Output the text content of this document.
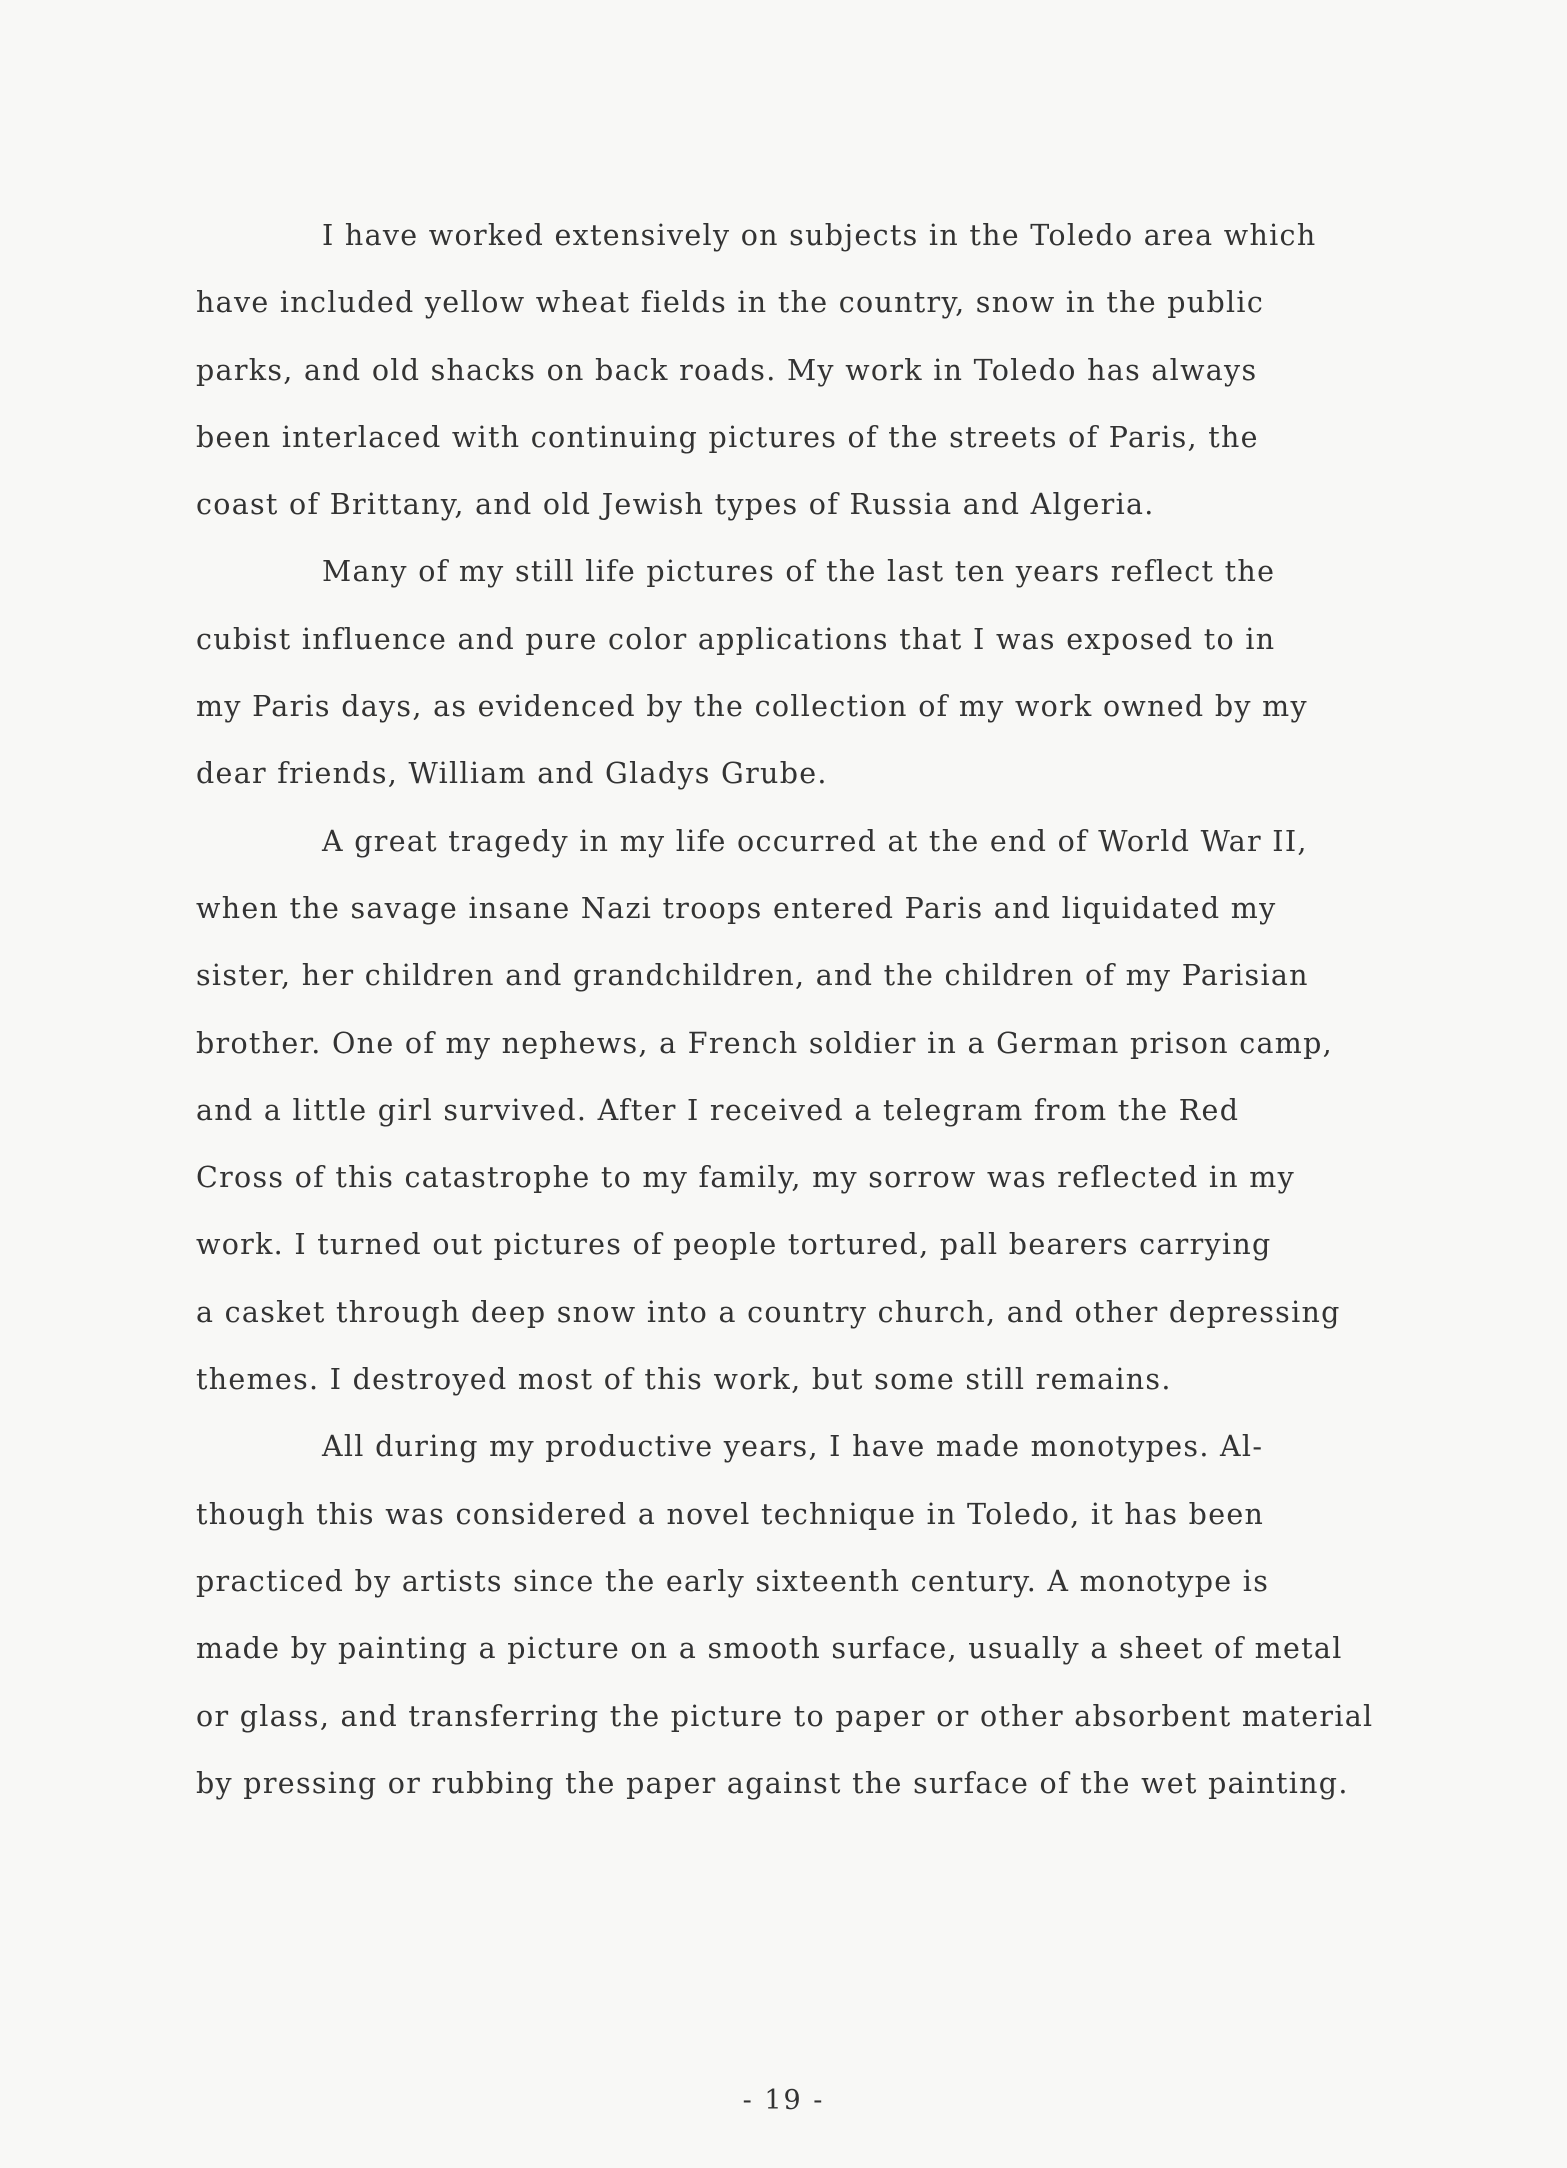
I have worked extensively on subjects in the Toledo area which
have included yellow wheat fields in the country, snow in the public
parks, and old shacks on back roads. My work in Toledo has always
been interlaced with continuing pictures of the streets of Paris, the
coast of Brittany, and old Jewish types of Russia and Algeria.
Many of my still life pictures of the last ten years reflect the
cubist influence and pure color applications that I was exposed to in
my Paris days, as evidenced by the collection of my work owned by my
dear friends, William and Gladys Grube.
A great tragedy in my life occurred at the end of World War II,
when the savage insane Nazi troops entered Paris and liquidated my
sister, her children and grandchildren, and the children of my Parisian
brother. One of my nephews, a French soldier in a German prison camp,
and a little girl survived. After I received a telegram from the Red
Cross of this catastrophe to my family, my sorrow was reflected in my
work. I turned out pictures of people tortured, pall bearers carrying
a casket through deep snow into a country church, and other depressing
themes. I destroyed most of this work, but some still remains.
All during my productive years, I have made monotypes. Al-
though this was considered a novel technique in Toledo, it has been
practiced by artists since the early sixteenth century. A monotype is
made by painting a picture on a smooth surface, usually a sheet of metal
or glass, and transferring the picture to paper or other absorbent material
by pressing or rubbing the paper against the surface of the wet painting.
- 19 -
